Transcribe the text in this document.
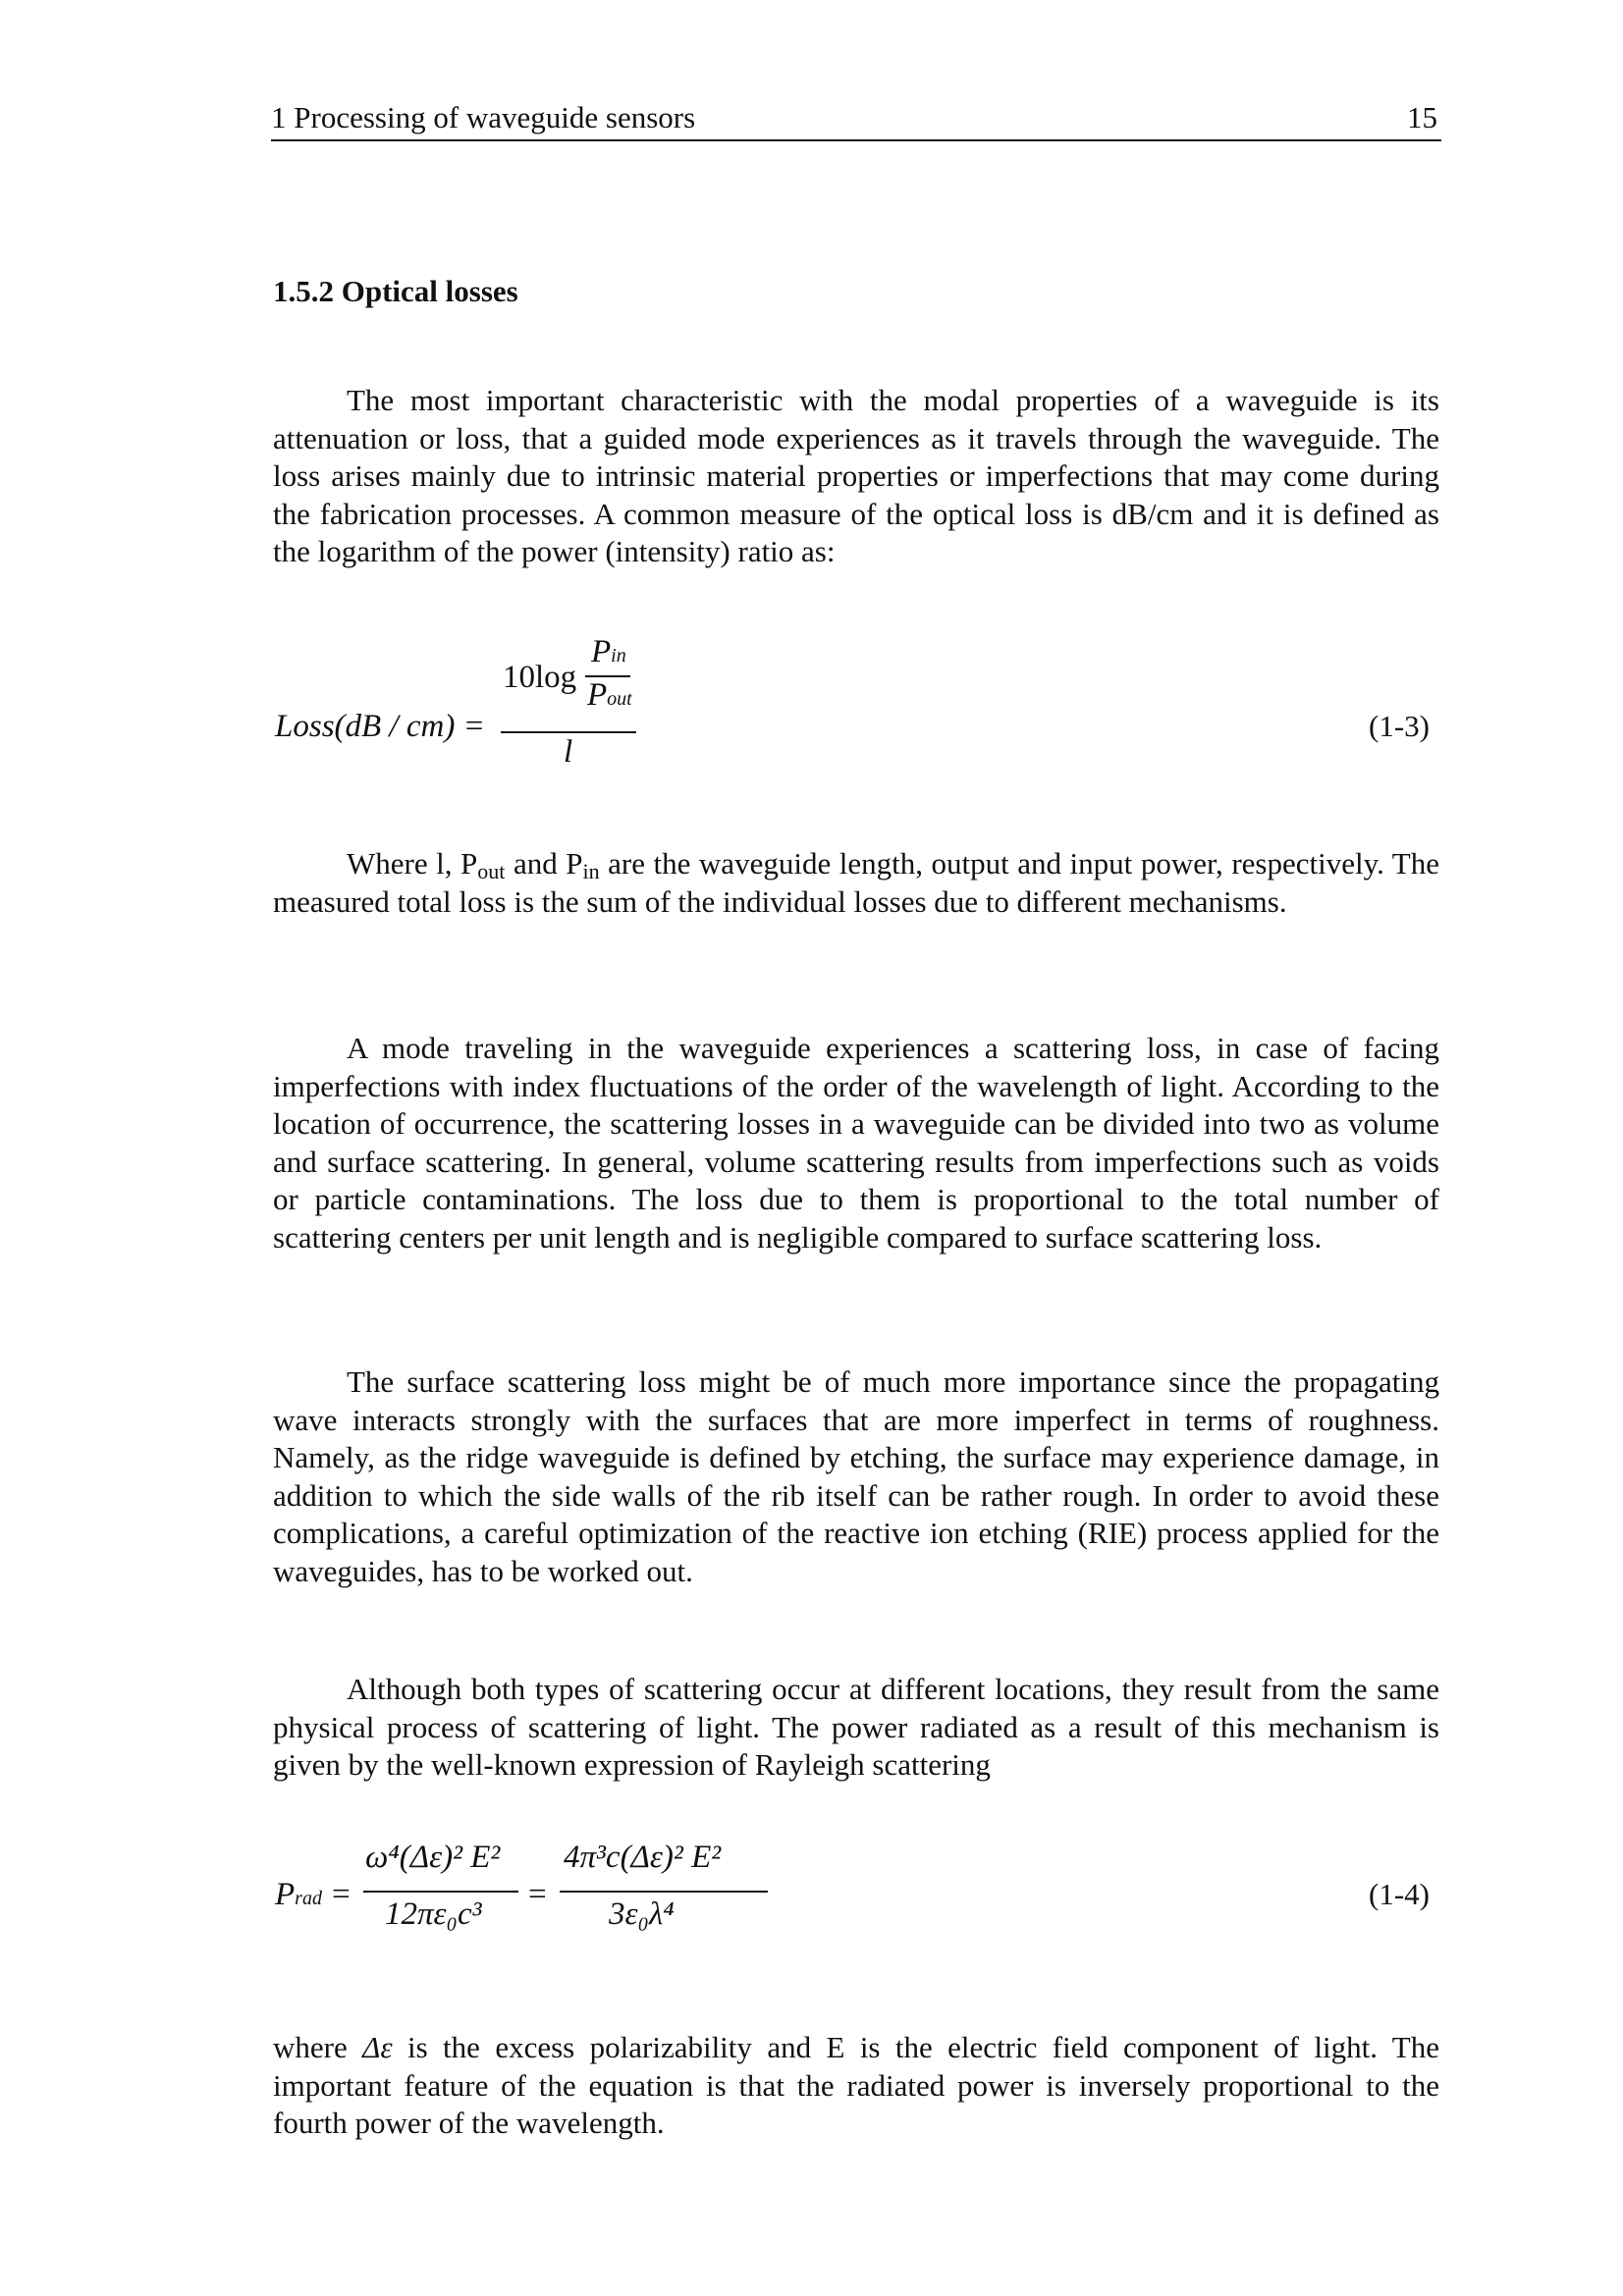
1 Processing of waveguide sensors	15
1.5.2 Optical losses

The most important characteristic with the modal properties of a waveguide is its attenuation or loss, that a guided mode experiences as it travels through the waveguide. The loss arises mainly due to intrinsic material properties or imperfections that may come during the fabrication processes. A common measure of the optical loss is dB/cm and it is defined as the logarithm of the power (intensity) ratio as:

Loss(dB / cm) =
10log
Pin
Pout
l
(1-3)

Where l, $P_{out}$ and $P_{in}$ are the waveguide length, output and input power, respectively. The measured total loss is the sum of the individual losses due to different mechanisms.

A mode traveling in the waveguide experiences a scattering loss, in case of facing imperfections with index fluctuations of the order of the wavelength of light. According to the location of occurrence, the scattering losses in a waveguide can be divided into two as volume and surface scattering. In general, volume scattering results from imperfections such as voids or particle contaminations. The loss due to them is proportional to the total number of scattering centers per unit length and is negligible compared to surface scattering loss.

The surface scattering loss might be of much more importance since the propagating wave interacts strongly with the surfaces that are more imperfect in terms of roughness. Namely, as the ridge waveguide is defined by etching, the surface may experience damage, in addition to which the side walls of the rib itself can be rather rough. In order to avoid these complications, a careful optimization of the reactive ion etching (RIE) process applied for the waveguides, has to be worked out.

Although both types of scattering occur at different locations, they result from the same physical process of scattering of light. The power radiated as a result of this mechanism is given by the well-known expression of Rayleigh scattering

Prad =
ω⁴(Δε)² E²
12πε₀c³
=
4π³c(Δε)² E²
3ε₀λ⁴
(1-4)

where Δε is the excess polarizability and E is the electric field component of light. The important feature of the equation is that the radiated power is inversely proportional to the fourth power of the wavelength.
